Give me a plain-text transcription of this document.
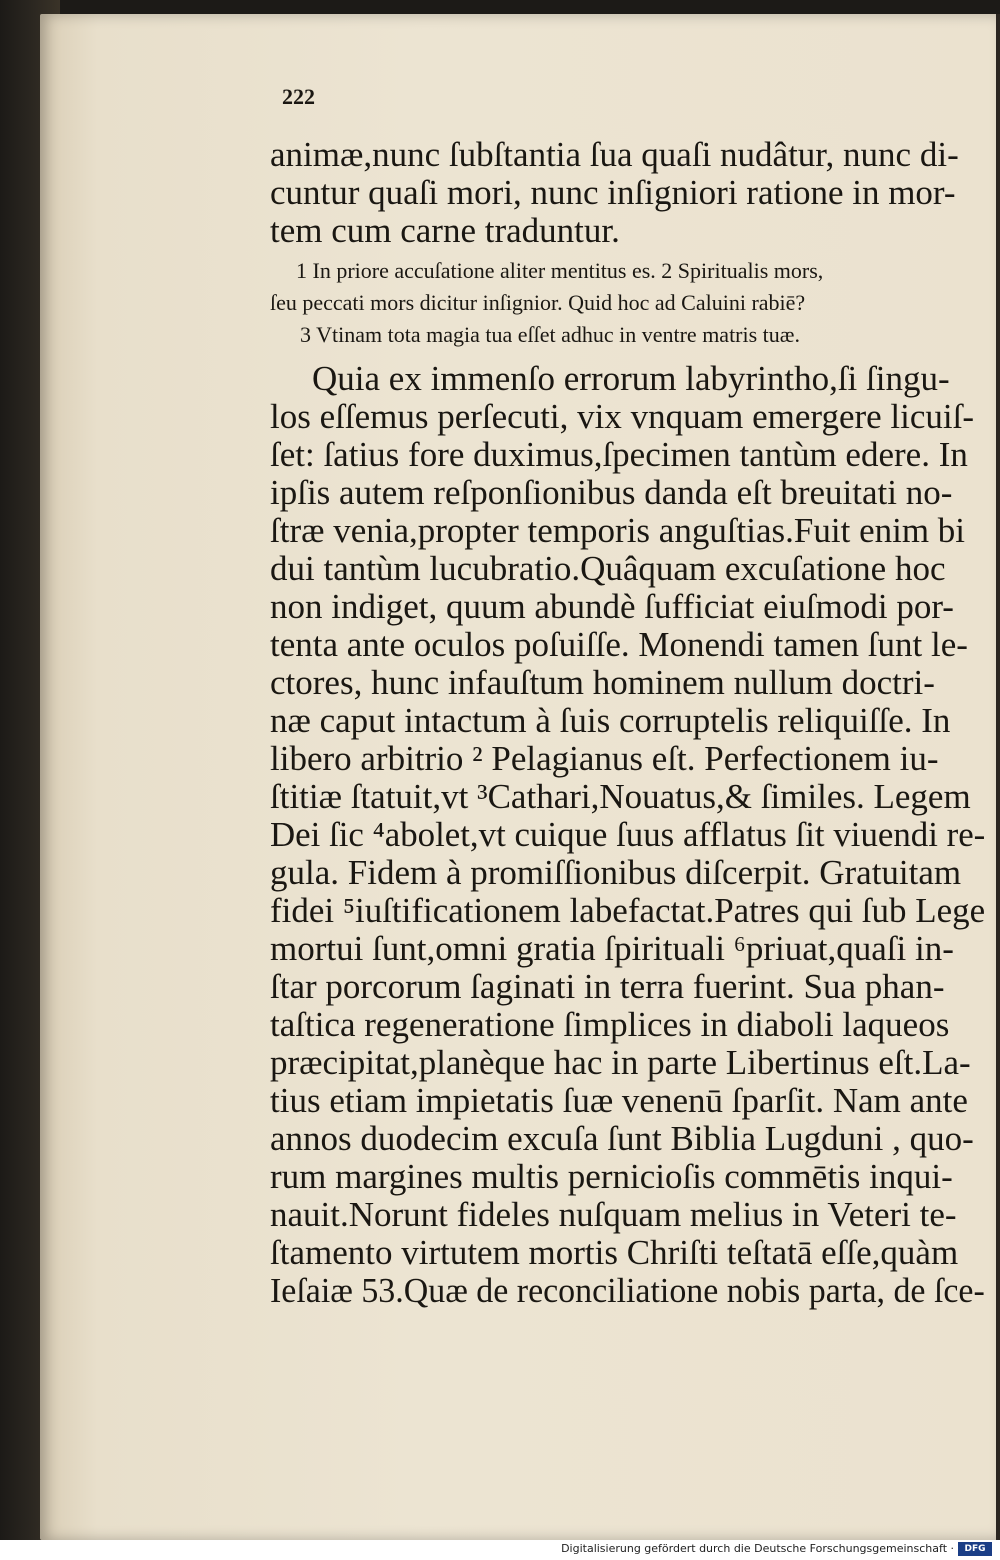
222
animæ,nunc ſubſtantia ſua quaſi nudâtur, nunc di-
cuntur quaſi mori, nunc inſigniori ratione in mor-
tem cum carne traduntur.
1 In priore accuſatione aliter mentitus es. 2 Spiritualis mors,
ſeu peccati mors dicitur inſignior. Quid hoc ad Caluini rabiē?
3 Vtinam tota magia tua eſſet adhuc in ventre matris tuæ.
Quia ex immenſo errorum labyrintho,ſi ſingu-
los eſſemus perſecuti, vix vnquam emergere licuiſ-
ſet: ſatius fore duximus,ſpecimen tantùm edere. In
ipſis autem reſponſionibus danda eſt breuitati no-
ſtræ venia,propter temporis anguſtias.Fuit enim bi
dui tantùm lucubratio.Quâquam excuſatione hoc
non indiget, quum abundè ſufficiat eiuſmodi por-
tenta ante oculos poſuiſſe. Monendi tamen ſunt le-
ctores, hunc infauſtum hominem nullum doctri-
næ caput intactum à ſuis corruptelis reliquiſſe. In
libero arbitrio ² Pelagianus eſt. Perfectionem iu-
ſtitiæ ſtatuit,vt ³Cathari,Nouatus,& ſimiles. Legem
Dei ſic ⁴abolet,vt cuique ſuus afflatus ſit viuendi re-
gula. Fidem à promiſſionibus diſcerpit. Gratuitam
fidei ⁵iuſtificationem labefactat.Patres qui ſub Lege
mortui ſunt,omni gratia ſpirituali ⁶priuat,quaſi in-
ſtar porcorum ſaginati in terra fuerint. Sua phan-
taſtica regeneratione ſimplices in diaboli laqueos
præcipitat,planèque hac in parte Libertinus eſt.La-
tius etiam impietatis ſuæ venenū ſparſit. Nam ante
annos duodecim excuſa ſunt Biblia Lugduni , quo-
rum margines multis pernicioſis commētis inqui-
nauit.Norunt fideles nuſquam melius in Veteri te-
ſtamento virtutem mortis Chriſti teſtatā eſſe,quàm
Ieſaiæ 53.Quæ de reconciliatione nobis parta, de ſce-
Digitalisierung gefördert durch die Deutsche Forschungsgemeinschaft ·	DFG
